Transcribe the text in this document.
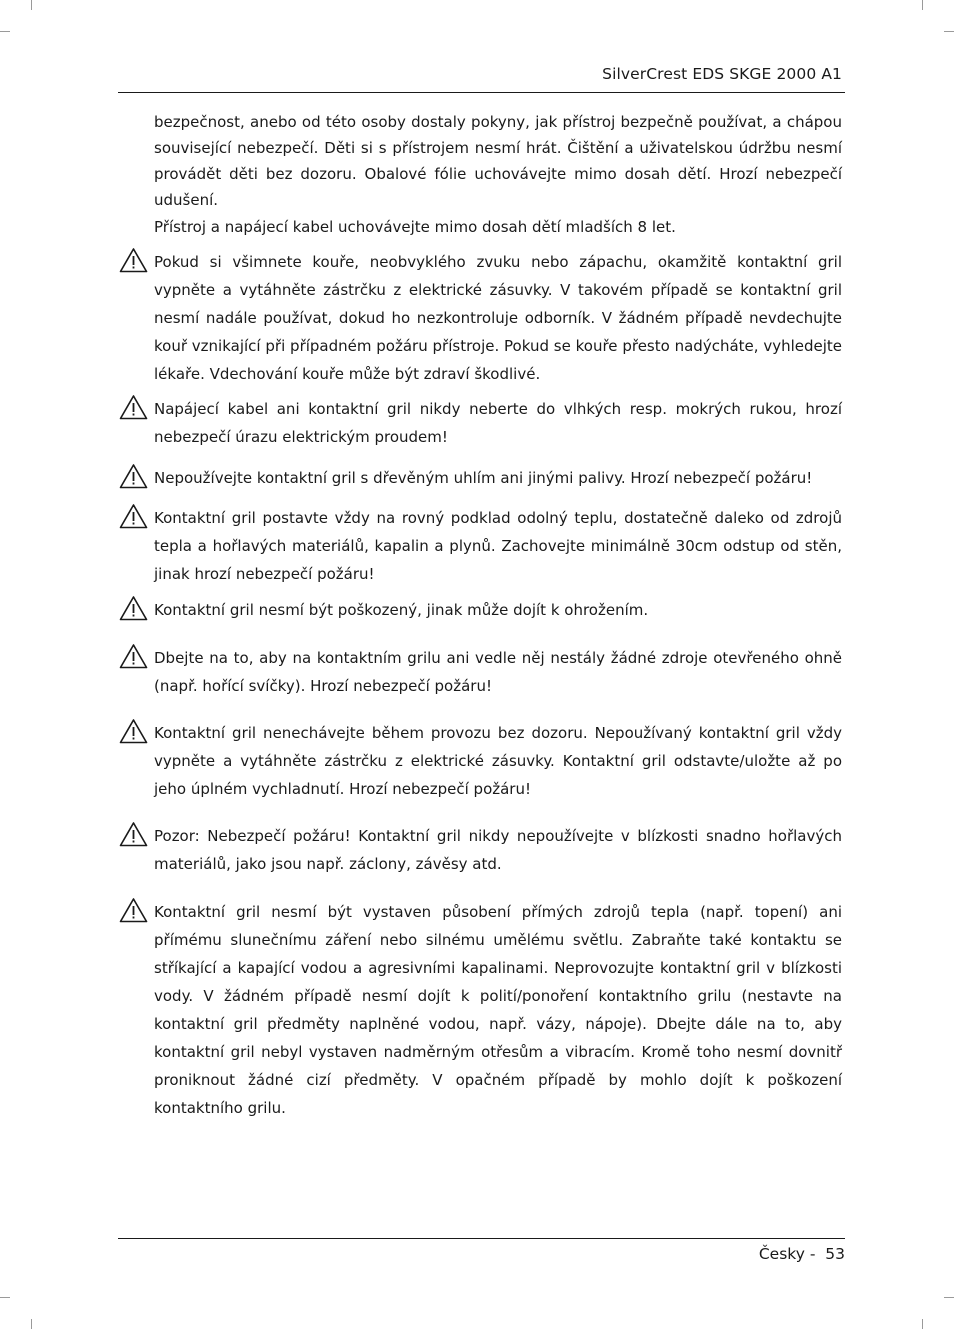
SilverCrest EDS SKGE 2000 A1
bezpečnost, anebo od této osoby dostaly pokyny, jak přístroj bezpečně používat, a chápou související nebezpečí. Děti si s přístrojem nesmí hrát. Čištění a uživatelskou údržbu nesmí provádět děti bez dozoru. Obalové fólie uchovávejte mimo dosah dětí. Hrozí nebezpečí udušení.
Přístroj a napájecí kabel uchovávejte mimo dosah dětí mladších 8 let.
Pokud si všimnete kouře, neobvyklého zvuku nebo zápachu, okamžitě kontaktní gril vypněte a vytáhněte zástrčku z elektrické zásuvky. V takovém případě se kontaktní gril nesmí nadále používat, dokud ho nezkontroluje odborník. V žádném případě nevdechujte kouř vznikající při případném požáru přístroje. Pokud se kouře přesto nadýcháte, vyhledejte lékaře. Vdechování kouře může být zdraví škodlivé.
Napájecí kabel ani kontaktní gril nikdy neberte do vlhkých resp. mokrých rukou, hrozí nebezpečí úrazu elektrickým proudem!
Nepoužívejte kontaktní gril s dřevěným uhlím ani jinými palivy. Hrozí nebezpečí požáru!
Kontaktní gril postavte vždy na rovný podklad odolný teplu, dostatečně daleko od zdrojů tepla a hořlavých materiálů, kapalin a plynů. Zachovejte minimálně 30cm odstup od stěn, jinak hrozí nebezpečí požáru!
Kontaktní gril nesmí být poškozený, jinak může dojít k ohrožením.
Dbejte na to, aby na kontaktním grilu ani vedle něj nestály žádné zdroje otevřeného ohně (např. hořící svíčky). Hrozí nebezpečí požáru!
Kontaktní gril nenechávejte během provozu bez dozoru. Nepoužívaný kontaktní gril vždy vypněte a vytáhněte zástrčku z elektrické zásuvky. Kontaktní gril odstavte/uložte až po jeho úplném vychladnutí. Hrozí nebezpečí požáru!
Pozor: Nebezpečí požáru! Kontaktní gril nikdy nepoužívejte v blízkosti snadno hořlavých materiálů, jako jsou např. záclony, závěsy atd.
Kontaktní gril nesmí být vystaven působení přímých zdrojů tepla (např. topení) ani přímému slunečnímu záření nebo silnému umělému světlu. Zabraňte také kontaktu se stříkající a kapající vodou a agresivními kapalinami. Neprovozujte kontaktní gril v blízkosti vody. V žádném případě nesmí dojít k polití/ponoření kontaktního grilu (nestavte na kontaktní gril předměty naplněné vodou, např. vázy, nápoje). Dbejte dále na to, aby kontaktní gril nebyl vystaven nadměrným otřesům a vibracím. Kromě toho nesmí dovnitř proniknout žádné cizí předměty. V opačném případě by mohlo dojít k poškození kontaktního grilu.
Česky -  53
